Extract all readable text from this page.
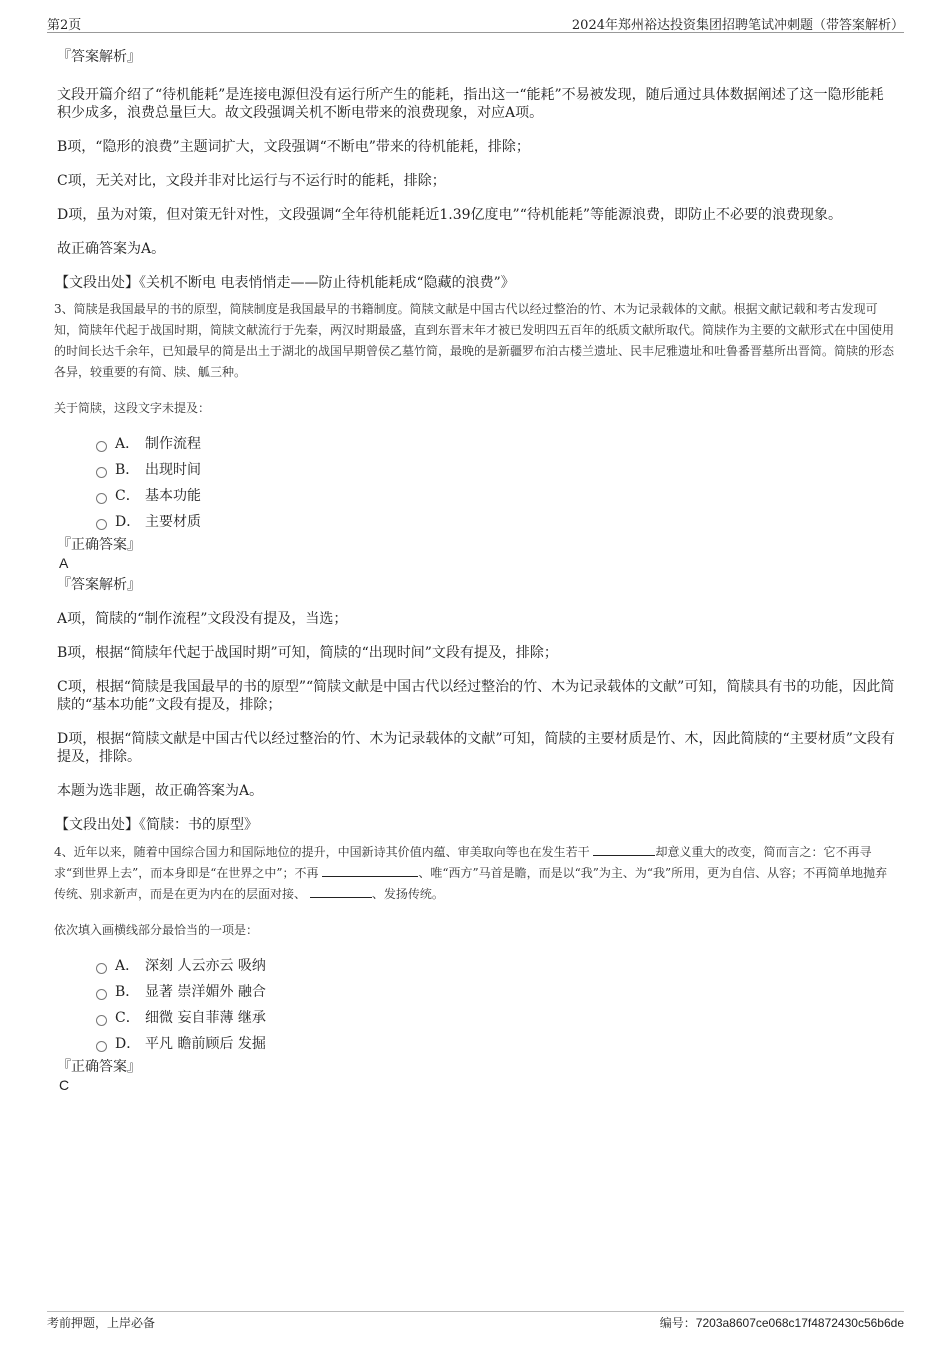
第2页	2024年郑州裕达投资集团招聘笔试冲刺题（带答案解析）

『答案解析』

文段开篇介绍了“待机能耗”是连接电源但没有运行所产生的能耗，指出这一“能耗”不易被发现，随后通过具体数据阐述了这一隐形能耗积少成多，浪费总量巨大。故文段强调关机不断电带来的浪费现象，对应A项。

B项，“隐形的浪费”主题词扩大，文段强调“不断电”带来的待机能耗，排除；

C项，无关对比，文段并非对比运行与不运行时的能耗，排除；

D项，虽为对策，但对策无针对性，文段强调“全年待机能耗近1.39亿度电”“待机能耗”等能源浪费，即防止不必要的浪费现象。

故正确答案为A。

【文段出处】《关机不断电 电表悄悄走——防止待机能耗成“隐藏的浪费”》

3、简牍是我国最早的书的原型，简牍制度是我国最早的书籍制度。简牍文献是中国古代以经过整治的竹、木为记录载体的文献。根据文献记载和考古发现可知，简牍年代起于战国时期，简牍文献流行于先秦，两汉时期最盛，直到东晋末年才被已发明四五百年的纸质文献所取代。简牍作为主要的文献形式在中国使用的时间长达千余年，已知最早的简是出土于湖北的战国早期曾侯乙墓竹简，最晚的是新疆罗布泊古楼兰遗址、民丰尼雅遗址和吐鲁番晋墓所出晋简。简牍的形态各异，较重要的有简、牍、觚三种。

关于简牍，这段文字未提及：

A． 制作流程
B． 出现时间
C． 基本功能
D． 主要材质

『正确答案』

A

『答案解析』

A项，简牍的“制作流程”文段没有提及，当选；

B项，根据“简牍年代起于战国时期”可知，简牍的“出现时间”文段有提及，排除；

C项，根据“简牍是我国最早的书的原型”“简牍文献是中国古代以经过整治的竹、木为记录载体的文献”可知，简牍具有书的功能，因此简牍的“基本功能”文段有提及，排除；

D项，根据“简牍文献是中国古代以经过整治的竹、木为记录载体的文献”可知，简牍的主要材质是竹、木，因此简牍的“主要材质”文段有提及，排除。

本题为选非题，故正确答案为A。

【文段出处】《简牍：书的原型》

4、近年以来，随着中国综合国力和国际地位的提升，中国新诗其价值内蕴、审美取向等也在发生若干	却意义重大的改变，简而言之：它不再寻求“到世界上去”，而本身即是“在世界之中”；不再	、唯“西方”马首是瞻，而是以“我”为主、为“我”所用，更为自信、从容；不再简单地抛弃传统、别求新声，而是在更为内在的层面对接、	、发扬传统。

依次填入画横线部分最恰当的一项是：

A． 深刻 人云亦云 吸纳
B． 显著 崇洋媚外 融合
C． 细微 妄自菲薄 继承
D． 平凡 瞻前顾后 发掘

『正确答案』

C

考前押题，上岸必备	编号：7203a8607ce068c17f4872430c56b6de
